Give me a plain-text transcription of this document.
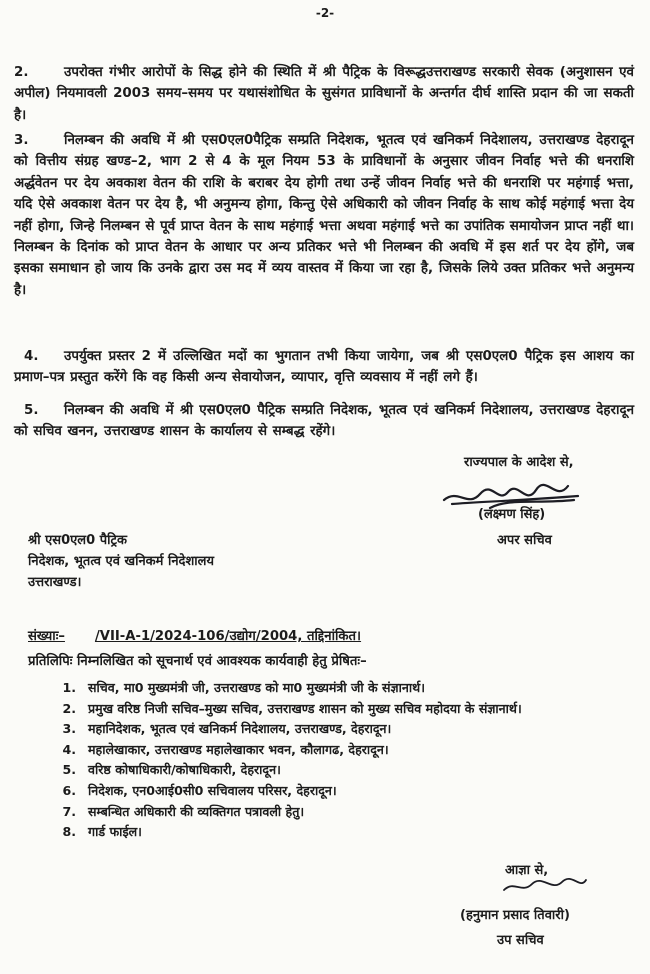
-2-
2.	उपरोक्त गंभीर आरोपों के सिद्ध होने की स्थिति में श्री पैट्रिक के विरूद्धउत्तराखण्ड सरकारी सेवक (अनुशासन एवं अपील) नियमावली 2003 समय–समय पर यथासंशोधित के सुसंगत प्राविधानों के अन्तर्गत दीर्घ शास्ति प्रदान की जा सकती है।
3.	निलम्बन की अवधि में श्री एस0एल0पैट्रिक सम्प्रति निदेशक, भूतत्व एवं खनिकर्म निदेशालय, उत्तराखण्ड देहरादून को वित्तीय संग्रह खण्ड–2, भाग 2 से 4 के मूल नियम 53 के प्राविधानों के अनुसार जीवन निर्वाह भत्ते की धनराशि अर्द्धवेतन पर देय अवकाश वेतन की राशि के बराबर देय होगी तथा उन्हें जीवन निर्वाह भत्ते की धनराशि पर महंगाई भत्ता, यदि ऐसे अवकाश वेतन पर देय है, भी अनुमन्य होगा, किन्तु ऐसे अधिकारी को जीवन निर्वाह के साथ कोई महंगाई भत्ता देय नहीं होगा, जिन्हे निलम्बन से पूर्व प्राप्त वेतन के साथ महंगाई भत्ता अथवा महंगाई भत्ते का उपांतिक समायोजन प्राप्त नहीं था। निलम्बन के दिनांक को प्राप्त वेतन के आधार पर अन्य प्रतिकर भत्ते भी निलम्बन की अवधि में इस शर्त पर देय होंगे, जब इसका समाधान हो जाय कि उनके द्वारा उस मद में व्यय वास्तव में किया जा रहा है, जिसके लिये उक्त प्रतिकर भत्ते अनुमन्य है।
4. उपर्युक्त प्रस्तर 2 में उल्लिखित मदों का भुगतान तभी किया जायेगा, जब श्री एस0एल0 पैट्रिक इस आशय का प्रमाण–पत्र प्रस्तुत करेंगे कि वह किसी अन्य सेवायोजन, व्यापार, वृत्ति व्यवसाय में नहीं लगे हैं।
5. निलम्बन की अवधि में श्री एस0एल0 पैट्रिक सम्प्रति निदेशक, भूतत्व एवं खनिकर्म निदेशालय, उत्तराखण्ड देहरादून को सचिव खनन, उत्तराखण्ड शासन के कार्यालय से सम्बद्ध रहेंगे।
राज्यपाल के आदेश से,
(लक्ष्मण सिंह)
अपर सचिव
श्री एस0एल0 पैट्रिक
निदेशक, भूतत्व एवं खनिकर्म निदेशालय
उत्तराखण्ड।
संख्याः– /VII-A-1/2024-106/उद्योग/2004, तद्दिनांकित।
प्रतिलिपिः निम्नलिखित को सूचनार्थ एवं आवश्यक कार्यवाही हेतु प्रेषितः–
1. सचिव, मा0 मुख्यमंत्री जी, उत्तराखण्ड को मा0 मुख्यमंत्री जी के संज्ञानार्थ।
2. प्रमुख वरिष्ठ निजी सचिव–मुख्य सचिव, उत्तराखण्ड शासन को मुख्य सचिव महोदया के संज्ञानार्थ।
3. महानिदेशक, भूतत्व एवं खनिकर्म निदेशालय, उत्तराखण्ड, देहरादून।
4. महालेखाकार, उत्तराखण्ड महालेखाकार भवन, कौलागढ, देहरादून।
5. वरिष्ठ कोषाधिकारी/कोषाधिकारी, देहरादून।
6. निदेशक, एन0आई0सी0 सचिवालय परिसर, देहरादून।
7. सम्बन्धित अधिकारी की व्यक्तिगत पत्रावली हेतु।
8. गार्ड फाईल।
आज्ञा से,
(हनुमान प्रसाद तिवारी)
उप सचिव
